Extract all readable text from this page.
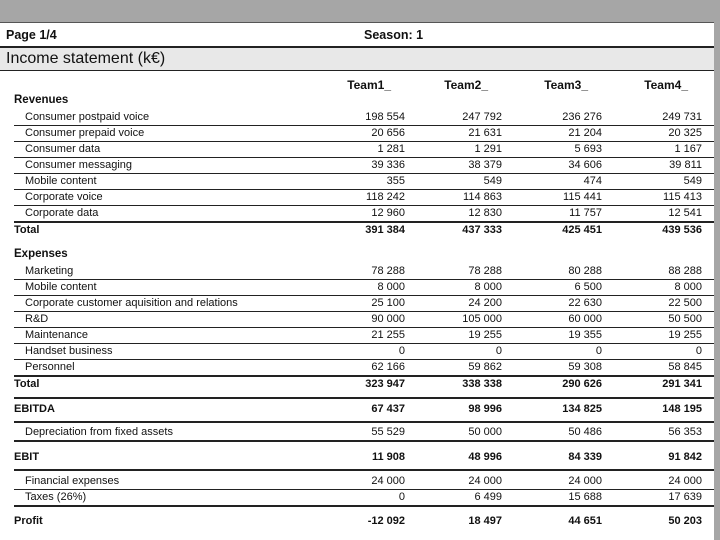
Page 1/4	Season: 1
Income statement (k€)
Team1_	Team2_	Team3_	Team4_
Revenues
Consumer postpaid voice	198 554	247 792	236 276	249 731
Consumer prepaid voice	20 656	21 631	21 204	20 325
Consumer data	1 281	1 291	5 693	1 167
Consumer messaging	39 336	38 379	34 606	39 811
Mobile content	355	549	474	549
Corporate voice	118 242	114 863	115 441	115 413
Corporate data	12 960	12 830	11 757	12 541
Total	391 384	437 333	425 451	439 536
Expenses
Marketing	78 288	78 288	80 288	88 288
Mobile content	8 000	8 000	6 500	8 000
Corporate customer aquisition and relations	25 100	24 200	22 630	22 500
R&D	90 000	105 000	60 000	50 500
Maintenance	21 255	19 255	19 355	19 255
Handset business	0	0	0	0
Personnel	62 166	59 862	59 308	58 845
Total	323 947	338 338	290 626	291 341
EBITDA	67 437	98 996	134 825	148 195
Depreciation from fixed assets	55 529	50 000	50 486	56 353
EBIT	11 908	48 996	84 339	91 842
Financial expenses	24 000	24 000	24 000	24 000
Taxes (26%)	0	6 499	15 688	17 639
Profit	-12 092	18 497	44 651	50 203
